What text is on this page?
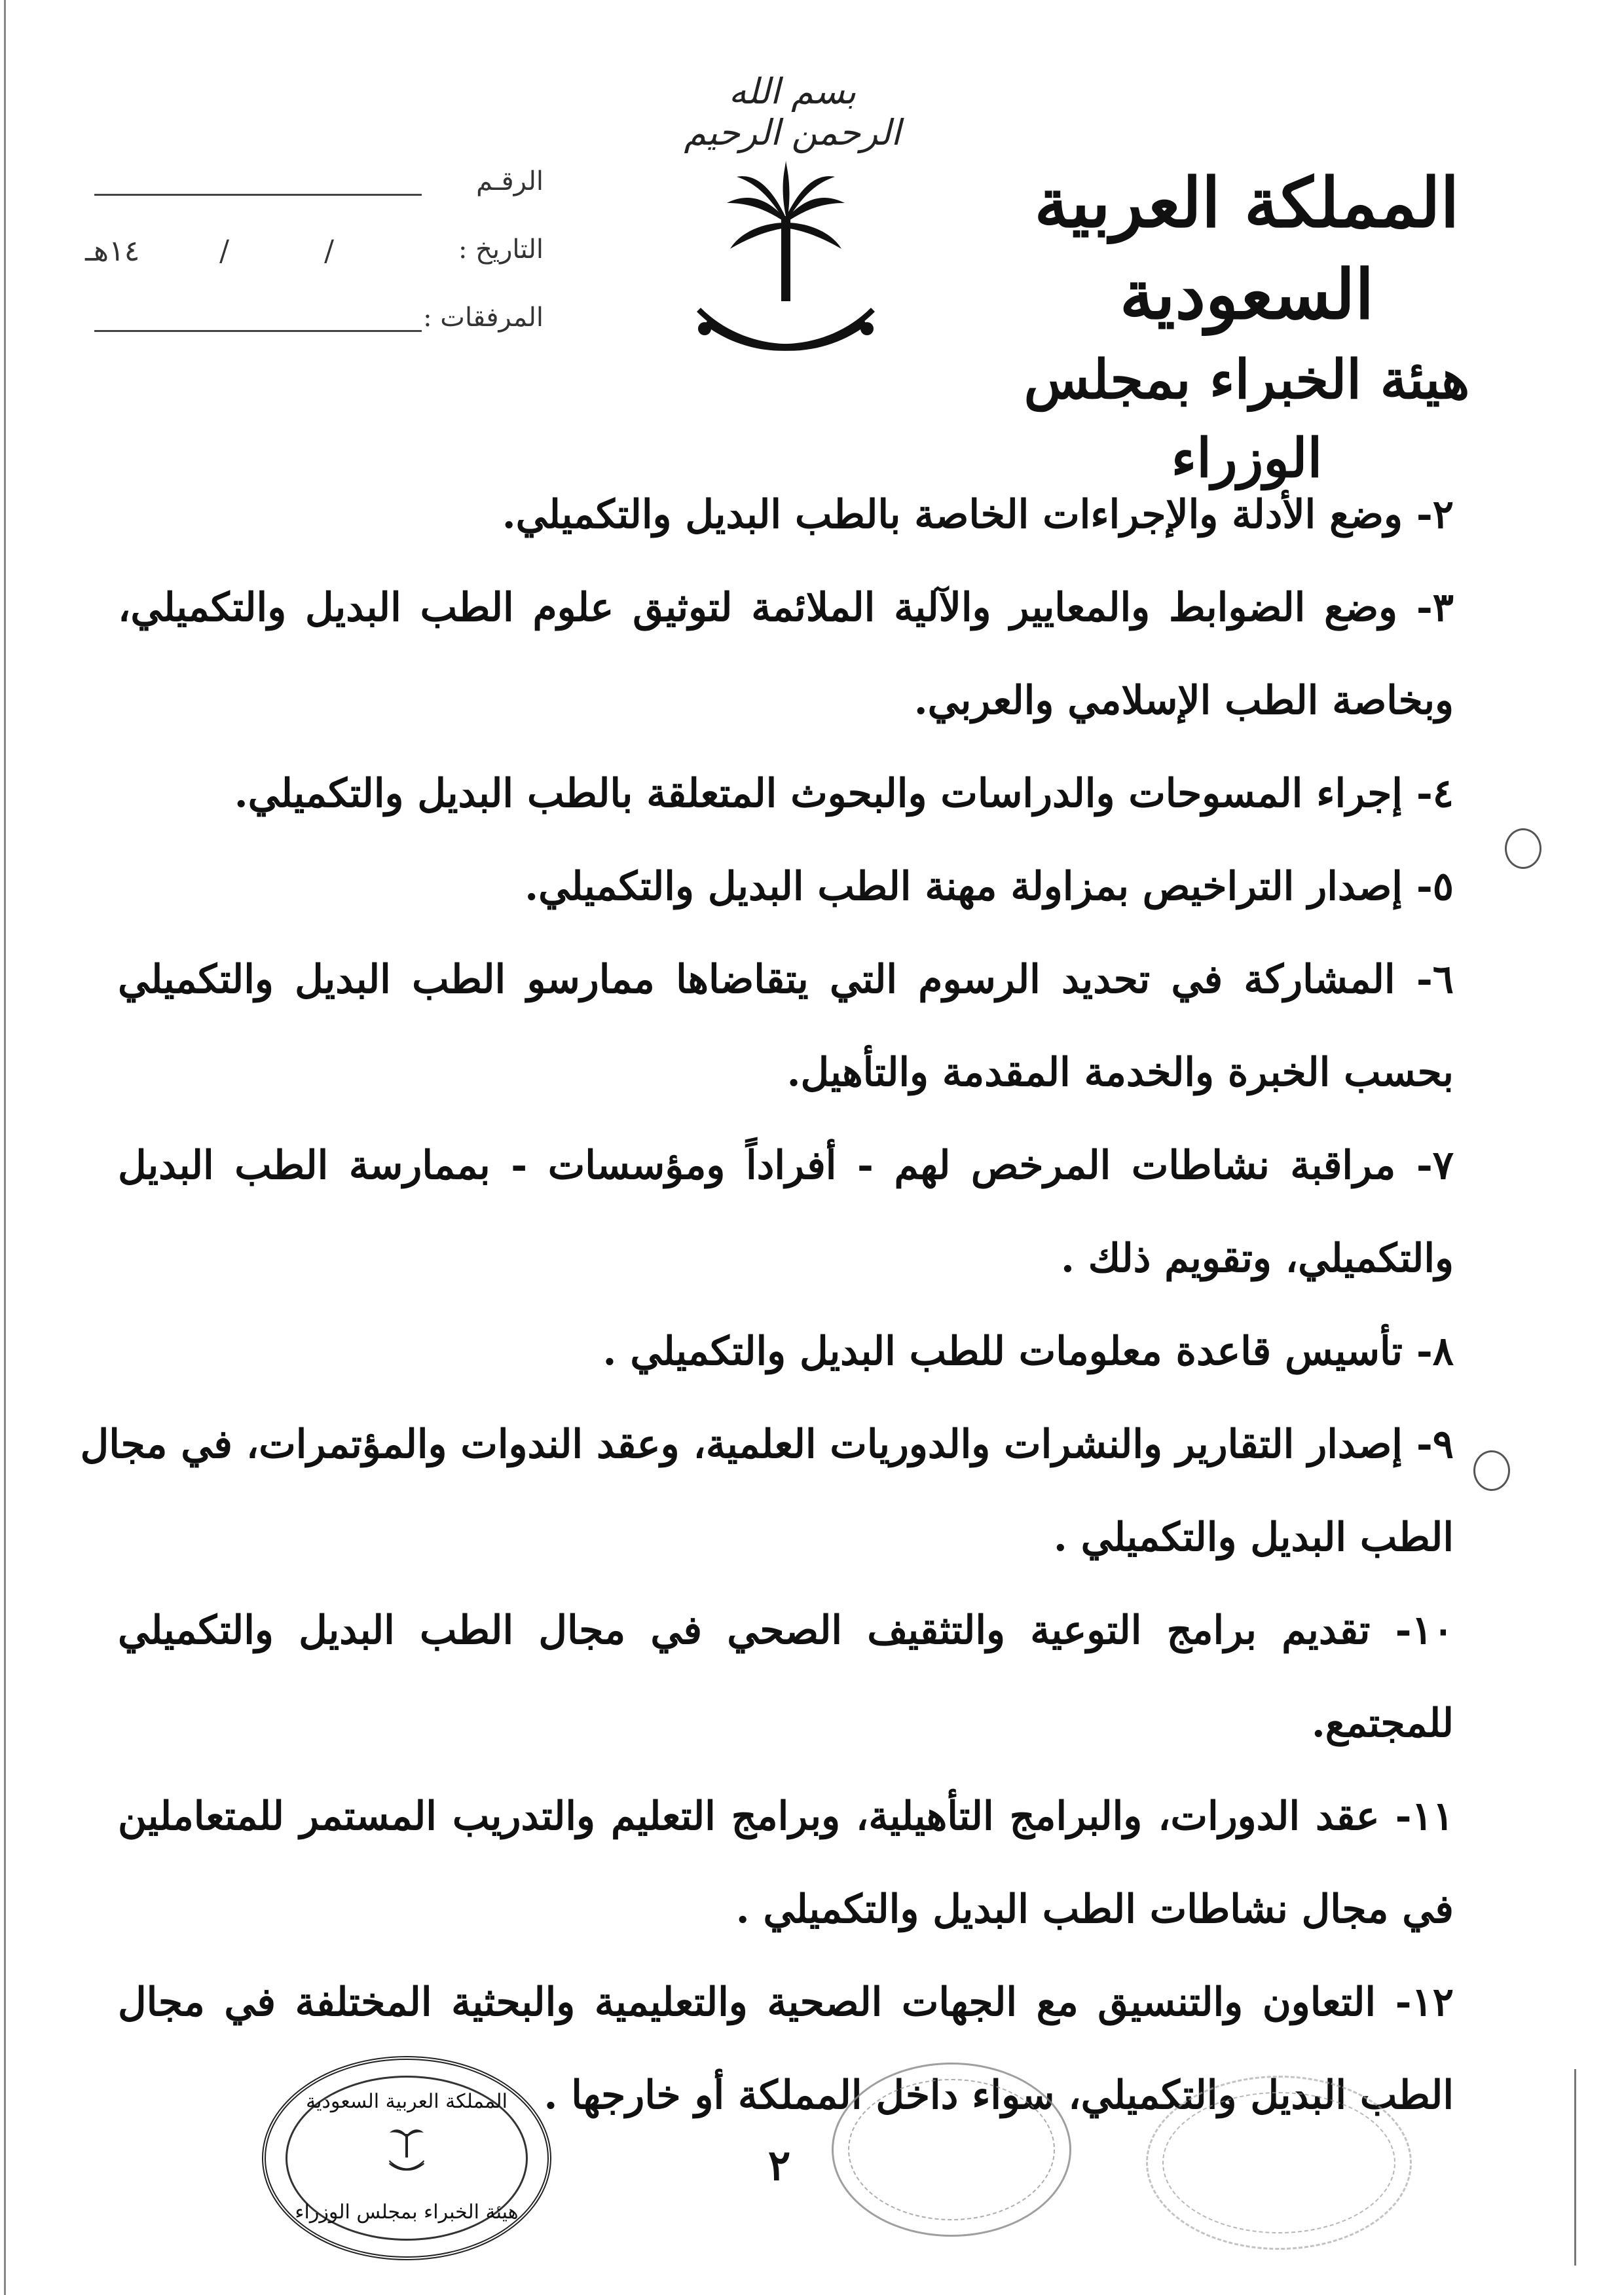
بسم الله الرحمن الرحيم
المملكة العربية السعودية
هيئة الخبراء بمجلس الوزراء
الرقـم
التاريخ :
/
/
١٤هـ
المرفقات :
٢- وضع الأدلة والإجراءات الخاصة بالطب البديل والتكميلي.
٣- وضع الضوابط والمعايير والآلية الملائمة لتوثيق علوم الطب البديل والتكميلي،
وبخاصة الطب الإسلامي والعربي.
٤- إجراء المسوحات والدراسات والبحوث المتعلقة بالطب البديل والتكميلي.
٥- إصدار التراخيص بمزاولة مهنة الطب البديل والتكميلي.
٦- المشاركة في تحديد الرسوم التي يتقاضاها ممارسو الطب البديل والتكميلي
بحسب الخبرة والخدمة المقدمة والتأهيل.
٧- مراقبة نشاطات المرخص لهم - أفراداً ومؤسسات - بممارسة الطب البديل
والتكميلي، وتقويم ذلك .
٨- تأسيس قاعدة معلومات للطب البديل والتكميلي .
٩- إصدار التقارير والنشرات والدوريات العلمية، وعقد الندوات والمؤتمرات، في مجال
الطب البديل والتكميلي .
١٠- تقديم برامج التوعية والتثقيف الصحي في مجال الطب البديل والتكميلي
للمجتمع.
١١- عقد الدورات، والبرامج التأهيلية، وبرامج التعليم والتدريب المستمر للمتعاملين
في مجال نشاطات الطب البديل والتكميلي .
١٢- التعاون والتنسيق مع الجهات الصحية والتعليمية والبحثية المختلفة في مجال
الطب البديل والتكميلي، سواء داخل المملكة أو خارجها .
٢
المملكة العربية السعودية
هيئة الخبراء بمجلس الوزراء
